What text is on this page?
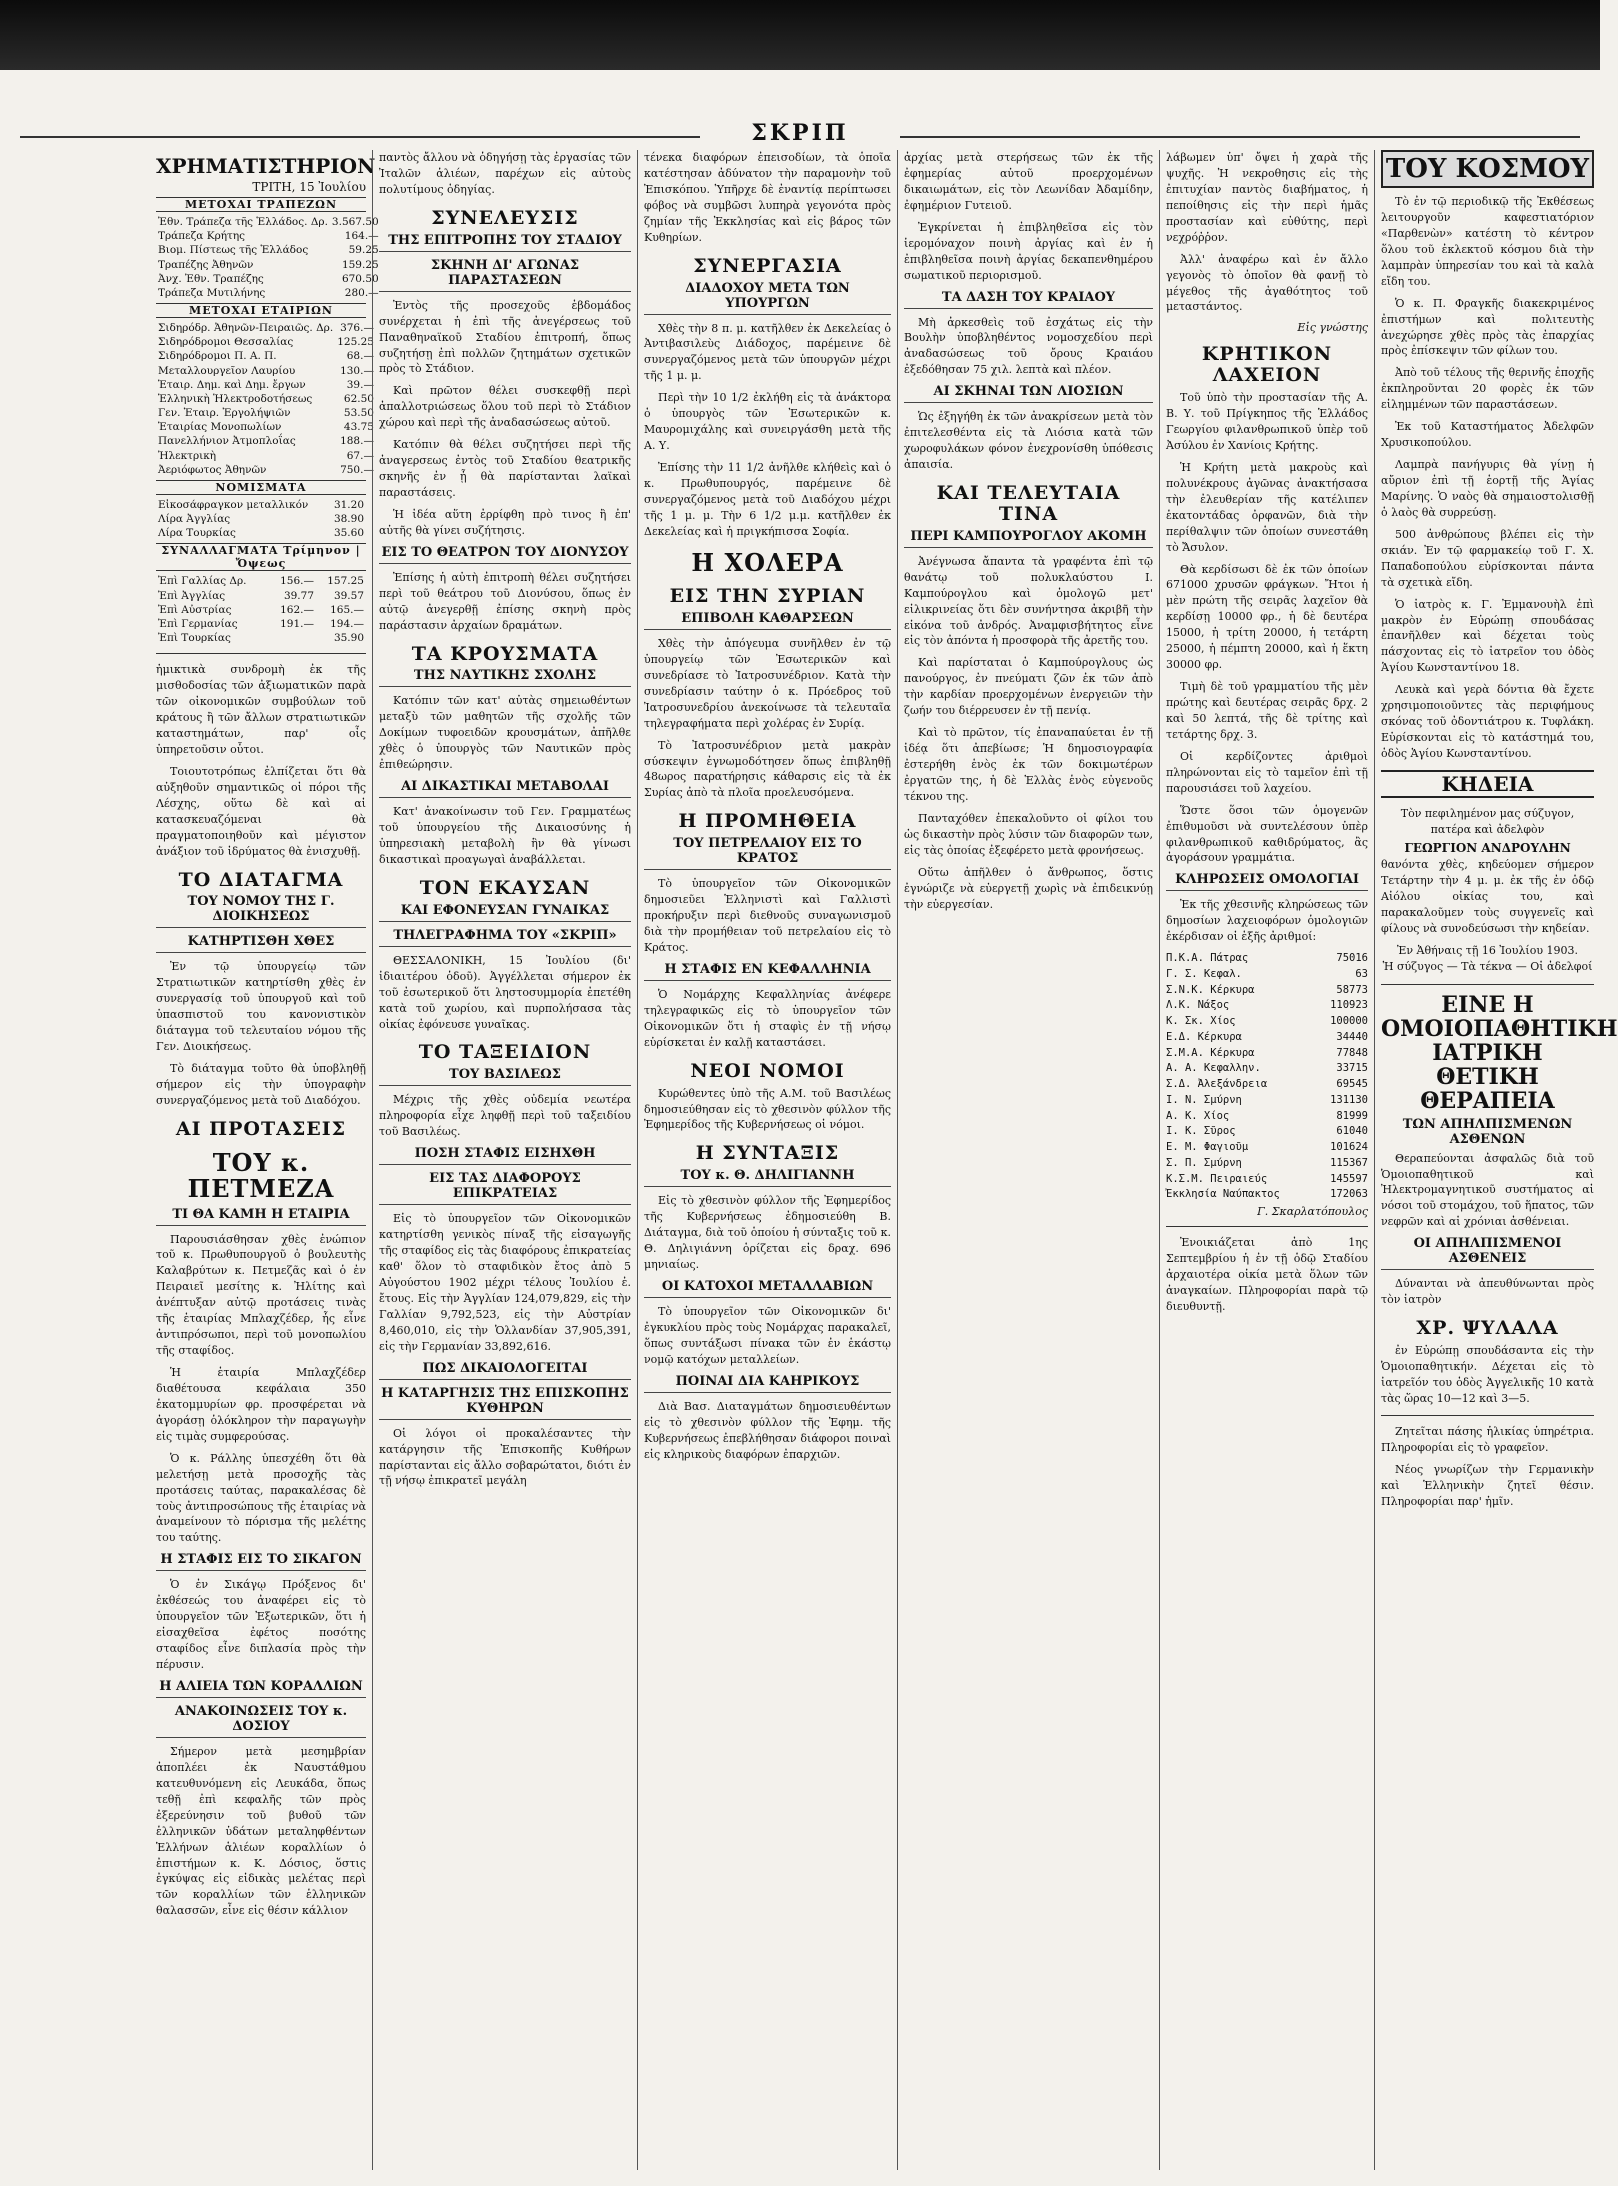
ΣΚΡΙΠ
ΧΡΗΜΑΤΙΣΤΗΡΙΟΝ
ΤΡΙΤΗ, 15 Ἰουλίου
ΜΕΤΟΧΑΙ ΤΡΑΠΕΖΩΝ
Ἐθν. Τράπεζα τῆς Ἑλλάδος. Δρ.	3.567.50
Τράπεζα Κρήτης	164.—
Βιομ. Πίστεως τῆς Ἑλλάδος	59.25
Τραπέζης Ἀθηνῶν	159.25
Ἀνχ. Ἐθν. Τραπέζης	670.50
Τράπεζα Μυτιλήνης	280.—
ΜΕΤΟΧΑΙ ΕΤΑΙΡΙΩΝ
Σιδηρόδρ. Ἀθηνῶν-Πειραιῶς. Δρ.	376.—
Σιδηρόδρομοι Θεσσαλίας	125.25
Σιδηρόδρομοι Π. Α. Π.	68.—
Μεταλλουργεῖον Λαυρίου	130.—
Ἑταιρ. Δημ. καὶ Δημ. ἔργων	39.—
Ἑλληνικὴ Ἡλεκτροδοτήσεως	62.50
Γεν. Ἑταιρ. Ἐργολήψιῶν	53.50
Ἑταιρίας Μονοπωλίων	43.75
Πανελλήνιον Ἀτμοπλοΐας	188.—
Ἠλεκτρικὴ	67.—
Ἀεριόφωτος Ἀθηνῶν	750.—
ΝΟΜΙΣΜΑΤΑ
Εἰκοσάφραγκον μεταλλικόν	31.20
Λίρα Ἀγγλίας	38.90
Λίρα Τουρκίας	35.60
ΣΥΝΑΛΛΑΓΜΑΤΑ Τρίμηνον | Ὄψεως
Ἐπὶ Γαλλίας Δρ.	156.—	157.25
Ἐπὶ Ἀγγλίας	39.77	39.57
Ἐπὶ Αὐστρίας	162.—	165.—
Ἐπὶ Γερμανίας	191.—	194.—
Ἐπὶ Τουρκίας		35.90

ἡμικτικὰ συνδρομὴ ἐκ τῆς μισθοδοσίας τῶν ἀξιωματικῶν παρὰ τῶν οἰκονομικῶν συμβούλων τοῦ κράτους ἢ τῶν ἄλλων στρατιωτικῶν καταστημάτων, παρ' οἷς ὑπηρετοῦσιν οὗτοι.

Τοιουτοτρόπως ἐλπίζεται ὅτι θὰ αὐξηθοῦν σημαντικῶς οἱ πόροι τῆς Λέσχης, οὕτω δὲ καὶ αἱ κατασκευαζόμεναι θὰ πραγματοποιηθοῦν καὶ μέγιστον ἀνάξιον τοῦ ἱδρύματος θὰ ἐνισχυθῇ.

ΤΟ ΔΙΑΤΑΓΜΑ
ΤΟΥ ΝΟΜΟΥ ΤΗΣ Γ. ΔΙΟΙΚΗΣΕΩΣ
ΚΑΤΗΡΤΙΣΘΗ ΧΘΕΣ

Ἐν τῷ ὑπουργείῳ τῶν Στρατιωτικῶν κατηρτίσθη χθὲς ἐν συνεργασίᾳ τοῦ ὑπουργοῦ καὶ τοῦ ὑπασπιστοῦ του κανονιστικὸν διάταγμα τοῦ τελευταίου νόμου τῆς Γεν. Διοικήσεως.

Τὸ διάταγμα τοῦτο θὰ ὑποβληθῇ σήμερον εἰς τὴν ὑπογραφὴν συνεργαζόμενος μετὰ τοῦ Διαδόχου.

ΑΙ ΠΡΟΤΑΣΕΙΣ
ΤΟΥ κ. ΠΕΤΜΕΖΑ
ΤΙ ΘΑ ΚΑΜΗ Η ΕΤΑΙΡΙΑ

Παρουσιάσθησαν χθὲς ἐνώπιον τοῦ κ. Πρωθυπουργοῦ ὁ βουλευτὴς Καλαβρύτων κ. Πετμεζᾶς καὶ ὁ ἐν Πειραιεῖ μεσίτης κ. Ἠλίτης καὶ ἀνέπτυξαν αὐτῷ προτάσεις τινὰς τῆς ἑταιρίας Μπλαχζέδερ, ἧς εἶνε ἀντιπρόσωποι, περὶ τοῦ μονοπωλίου τῆς σταφίδος.

Ἡ ἑταιρία Μπλαχζέδερ διαθέτουσα κεφάλαια 350 ἑκατομμυρίων φρ. προσφέρεται νὰ ἀγοράσῃ ὁλόκληρον τὴν παραγωγὴν εἰς τιμὰς συμφερούσας.

Ὁ κ. Ράλλης ὑπεσχέθη ὅτι θὰ μελετήσῃ μετὰ προσοχῆς τὰς προτάσεις ταύτας, παρακαλέσας δὲ τοὺς ἀντιπροσώπους τῆς ἑταιρίας νὰ ἀναμείνουν τὸ πόρισμα τῆς μελέτης του ταύτης.

Η ΣΤΑΦΙΣ ΕΙΣ ΤΟ ΣΙΚΑΓΟΝ

Ὁ ἐν Σικάγῳ Πρόξενος δι' ἐκθέσεώς του ἀναφέρει εἰς τὸ ὑπουργεῖον τῶν Ἐξωτερικῶν, ὅτι ἡ εἰσαχθεῖσα ἐφέτος ποσότης σταφίδος εἶνε διπλασία πρὸς τὴν πέρυσιν.

Η ΑΛΙΕΙΑ ΤΩΝ ΚΟΡΑΛΛΙΩΝ
ΑΝΑΚΟΙΝΩΣΕΙΣ ΤΟΥ κ. ΔΟΣΙΟΥ

Σήμερον μετὰ μεσημβρίαν ἀποπλέει ἐκ Ναυστάθμου κατευθυνόμενη εἰς Λευκάδα, ὅπως τεθῇ ἐπὶ κεφαλῆς τῶν πρὸς ἐξερεύνησιν τοῦ βυθοῦ τῶν ἑλληνικῶν ὑδάτων μεταληφθέντων Ἑλλήνων ἁλιέων κοραλλίων ὁ ἐπιστήμων κ. Κ. Δόσιος, ὅστις ἐγκύψας εἰς εἰδικὰς μελέτας περὶ τῶν κοραλλίων τῶν ἑλληνικῶν θαλασσῶν, εἶνε εἰς θέσιν κάλλιον

παντὸς ἄλλου νὰ ὁδηγήσῃ τὰς ἐργασίας τῶν Ἰταλῶν ἁλιέων, παρέχων εἰς αὐτοὺς πολυτίμους ὁδηγίας.

ΣΥΝΕΛΕΥΣΙΣ
ΤΗΣ ΕΠΙΤΡΟΠΗΣ ΤΟΥ ΣΤΑΔΙΟΥ
ΣΚΗΝΗ ΔΙ' ΑΓΩΝΑΣ ΠΑΡΑΣΤΑΣΕΩΝ

Ἐντὸς τῆς προσεχοῦς ἑβδομάδος συνέρχεται ἡ ἐπὶ τῆς ἀνεγέρσεως τοῦ Παναθηναϊκοῦ Σταδίου ἐπιτροπή, ὅπως συζητήσῃ ἐπὶ πολλῶν ζητημάτων σχετικῶν πρὸς τὸ Στάδιον.

Καὶ πρῶτον θέλει συσκεφθῇ περὶ ἀπαλλοτριώσεως ὅλου τοῦ περὶ τὸ Στάδιον χώρου καὶ περὶ τῆς ἀναδασώσεως αὐτοῦ.

Κατόπιν θὰ θέλει συζητήσει περὶ τῆς ἀναγερσεως ἐντὸς τοῦ Σταδίου θεατρικῆς σκηνῆς ἐν ᾗ θὰ παρίστανται λαϊκαὶ παραστάσεις.

Ἡ ἰδέα αὕτη ἐρρίφθη πρὸ τινος ἢ ἐπ' αὐτῆς θὰ γίνει συζήτησις.

ΕΙΣ ΤΟ ΘΕΑΤΡΟΝ ΤΟΥ ΔΙΟΝΥΣΟΥ

Ἐπίσης ἡ αὐτὴ ἐπιτροπὴ θέλει συζητήσει περὶ τοῦ θεάτρου τοῦ Διονύσου, ὅπως ἐν αὐτῷ ἀνεγερθῇ ἐπίσης σκηνὴ πρὸς παράστασιν ἀρχαίων δραμάτων.

ΤΑ ΚΡΟΥΣΜΑΤΑ
ΤΗΣ ΝΑΥΤΙΚΗΣ ΣΧΟΛΗΣ

Κατόπιν τῶν κατ' αὐτὰς σημειωθέντων μεταξὺ τῶν μαθητῶν τῆς σχολῆς τῶν Δοκίμων τυφοειδῶν κρουσμάτων, ἀπῆλθε χθὲς ὁ ὑπουργὸς τῶν Ναυτικῶν πρὸς ἐπιθεώρησιν.

ΑΙ ΔΙΚΑΣΤΙΚΑΙ ΜΕΤΑΒΟΛΑΙ

Κατ' ἀνακοίνωσιν τοῦ Γεν. Γραμματέως τοῦ ὑπουργείου τῆς Δικαιοσύνης ἡ ὑπηρεσιακὴ μεταβολὴ ἣν θὰ γίνωσι δικαστικαὶ προαγωγαὶ ἀναβάλλεται.

ΤΟΝ ΕΚΑΥΣΑΝ
ΚΑΙ ΕΦΟΝΕΥΣΑΝ ΓΥΝΑΙΚΑΣ
ΤΗΛΕΓΡΑΦΗΜΑ ΤΟΥ «ΣΚΡΙΠ»

ΘΕΣΣΑΛΟΝΙΚΗ, 15 Ἰουλίου (δι' ἰδιαιτέρου ὁδοῦ). Ἀγγέλλεται σήμερον ἐκ τοῦ ἐσωτερικοῦ ὅτι ληστοσυμμορία ἐπετέθη κατὰ τοῦ χωρίου, καὶ πυρπολήσασα τὰς οἰκίας ἐφόνευσε γυναῖκας.

ΤΟ ΤΑΞΕΙΔΙΟΝ
ΤΟΥ ΒΑΣΙΛΕΩΣ

Μέχρις τῆς χθὲς οὐδεμία νεωτέρα πληροφορία εἶχε ληφθῇ περὶ τοῦ ταξειδίου τοῦ Βασιλέως.

ΠΟΣΗ ΣΤΑΦΙΣ ΕΙΣΗΧΘΗ
ΕΙΣ ΤΑΣ ΔΙΑΦΟΡΟΥΣ ΕΠΙΚΡΑΤΕΙΑΣ

Εἰς τὸ ὑπουργεῖον τῶν Οἰκονομικῶν κατηρτίσθη γενικὸς πίναξ τῆς εἰσαγωγῆς τῆς σταφίδος εἰς τὰς διαφόρους ἐπικρατείας καθ' ὅλον τὸ σταφιδικὸν ἔτος ἀπὸ 5 Αὐγούστου 1902 μέχρι τέλους Ἰουλίου ἐ. ἔτους. Εἰς τὴν Ἀγγλίαν 124,079,829, εἰς τὴν Γαλλίαν 9,792,523, εἰς τὴν Αὐστρίαν 8,460,010, εἰς τὴν Ὁλλανδίαν 37,905,391, εἰς τὴν Γερμανίαν 33,892,616.

ΠΩΣ ΔΙΚΑΙΟΛΟΓΕΙΤΑΙ
Η ΚΑΤΑΡΓΗΣΙΣ ΤΗΣ ΕΠΙΣΚΟΠΗΣ ΚΥΘΗΡΩΝ

Οἱ λόγοι οἱ προκαλέσαντες τὴν κατάργησιν τῆς Ἐπισκοπῆς Κυθήρων παρίστανται εἰς ἄλλο σοβαρώτατοι, διότι ἐν τῇ νήσῳ ἐπικρατεῖ μεγάλη

τένεκα διαφόρων ἐπεισοδίων, τὰ ὁποῖα κατέστησαν ἀδύνατον τὴν παραμονὴν τοῦ Ἐπισκόπου. Ὑπῆρχε δὲ ἐναντίᾳ περίπτωσει φόβος νὰ συμβῶσι λυπηρὰ γεγονότα πρὸς ζημίαν τῆς Ἐκκλησίας καὶ εἰς βάρος τῶν Κυθηρίων.

ΣΥΝΕΡΓΑΣΙΑ
ΔΙΑΔΟΧΟΥ ΜΕΤΑ ΤΩΝ ΥΠΟΥΡΓΩΝ

Χθὲς τὴν 8 π. μ. κατῆλθεν ἐκ Δεκελείας ὁ Ἀντιβασιλεὺς Διάδοχος, παρέμεινε δὲ συνεργαζόμενος μετὰ τῶν ὑπουργῶν μέχρι τῆς 1 μ. μ.

Περὶ τὴν 10 1/2 ἐκλήθη εἰς τὰ ἀνάκτορα ὁ ὑπουργὸς τῶν Ἐσωτερικῶν κ. Μαυρομιχάλης καὶ συνειργάσθη μετὰ τῆς Α. Υ.

Ἐπίσης τὴν 11 1/2 ἀνῆλθε κλήθεὶς καὶ ὁ κ. Πρωθυπουργός, παρέμεινε δὲ συνεργαζόμενος μετὰ τοῦ Διαδόχου μέχρι τῆς 1 μ. μ. Τὴν 6 1/2 μ.μ. κατῆλθεν ἐκ Δεκελείας καὶ ἡ πριγκήπισσα Σοφία.

Η ΧΟΛΕΡΑ
ΕΙΣ ΤΗΝ ΣΥΡΙΑΝ
ΕΠΙΒΟΛΗ ΚΑΘΑΡΣΕΩΝ

Χθὲς τὴν ἀπόγευμα συνῆλθεν ἐν τῷ ὑπουργείῳ τῶν Ἐσωτερικῶν καὶ συνεδρίασε τὸ Ἰατροσυνέδριον. Κατὰ τὴν συνεδρίασιν ταύτην ὁ κ. Πρόεδρος τοῦ Ἰατροσυνεδρίου ἀνεκοίνωσε τὰ τελευταῖα τηλεγραφήματα περὶ χολέρας ἐν Συρίᾳ.

Τὸ Ἰατροσυνέδριον μετὰ μακρὰν σύσκεψιν ἐγνωμοδότησεν ὅπως ἐπιβληθῇ 48ωρος παρατήρησις κάθαρσις εἰς τὰ ἐκ Συρίας ἀπὸ τὰ πλοῖα προελευσόμενα.

Η ΠΡΟΜΗΘΕΙΑ
ΤΟΥ ΠΕΤΡΕΛΑΙΟΥ ΕΙΣ ΤΟ ΚΡΑΤΟΣ

Τὸ ὑπουργεῖον τῶν Οἰκονομικῶν δημοσιεῦει Ἑλληνιστὶ καὶ Γαλλιστὶ προκήρυξιν περὶ διεθνοῦς συναγωνισμοῦ διὰ τὴν προμήθειαν τοῦ πετρελαίου εἰς τὸ Κράτος.

Η ΣΤΑΦΙΣ ΕΝ ΚΕΦΑΛΛΗΝΙΑ

Ὁ Νομάρχης Κεφαλληνίας ἀνέφερε τηλεγραφικῶς εἰς τὸ ὑπουργεῖον τῶν Οἰκονομικῶν ὅτι ἡ σταφὶς ἐν τῇ νήσῳ εὑρίσκεται ἐν καλῇ καταστάσει.

ΝΕΟΙ ΝΟΜΟΙ

Κυρώθεντες ὑπὸ τῆς Α.Μ. τοῦ Βασιλέως δημοσιεύθησαν εἰς τὸ χθεσινὸν φύλλον τῆς Ἐφημερίδος τῆς Κυβερνήσεως οἱ νόμοι.

Η ΣΥΝΤΑΞΙΣ
ΤΟΥ κ. Θ. ΔΗΛΙΓΙΑΝΝΗ

Εἰς τὸ χθεσινὸν φύλλον τῆς Ἐφημερίδος τῆς Κυβερνήσεως ἐδημοσιεύθη Β. Διάταγμα, διὰ τοῦ ὁποίου ἡ σύνταξις τοῦ κ. Θ. Δηλιγιάννη ὁρίζεται εἰς δραχ. 696 μηνιαίως.

ΟΙ ΚΑΤΟΧΟΙ ΜΕΤΑΛΛΑΒΙΩΝ

Τὸ ὑπουργεῖον τῶν Οἰκονομικῶν δι' ἐγκυκλίου πρὸς τοὺς Νομάρχας παρακαλεῖ, ὅπως συντάξωσι πίνακα τῶν ἐν ἑκάστῳ νομῷ κατόχων μεταλλείων.

ΠΟΙΝΑΙ ΔΙΑ ΚΑΗΡΙΚΟΥΣ

Διὰ Βασ. Διαταγμάτων δημοσιευθέντων εἰς τὸ χθεσινὸν φύλλον τῆς Ἐφημ. τῆς Κυβερνήσεως ἐπεβλήθησαν διάφοροι ποιναὶ εἰς κληρικοὺς διαφόρων ἐπαρχιῶν.

ἀρχίας μετὰ στερήσεως τῶν ἐκ τῆς ἐφημερίας αὐτοῦ προερχομένων δικαιωμάτων, εἰς τὸν Λεωνίδαν Ἀδαμίδην, ἐφημέριον Γυτειοῦ.

Ἐγκρίνεται ἡ ἐπιβληθεῖσα εἰς τὸν ἱερομόναχον ποινὴ ἀργίας καὶ ἐν ἡ ἐπιβληθεῖσα ποινὴ ἀργίας δεκαπενθημέρου σωματικοῦ περιορισμοῦ.

ΤΑ ΔΑΣΗ ΤΟΥ ΚΡΑΙΑΟΥ

Μὴ ἀρκεσθεὶς τοῦ ἐσχάτως εἰς τὴν Βουλὴν ὑποβληθέντος νομοσχεδίου περὶ ἀναδασώσεως τοῦ ὄρους Κραιάου ἐξεδόθησαν 75 χιλ. λεπτὰ καὶ πλέον.

ΑΙ ΣΚΗΝΑΙ ΤΩΝ ΛΙΟΣΙΩΝ

Ὡς ἐξηγήθη ἐκ τῶν ἀνακρίσεων μετὰ τὸν ἐπιτελεσθέντα εἰς τὰ Λιόσια κατὰ τῶν χωροφυλάκων φόνον ἐνεχρονίσθη ὑπόθεσις ἀπαισία.

ΚΑΙ ΤΕΛΕΥΤΑΙΑ ΤΙΝΑ
ΠΕΡΙ ΚΑΜΠΟΥΡΟΓΛΟΥ ΑΚΟΜΗ

Ἀνέγνωσα ἄπαντα τὰ γραφέντα ἐπὶ τῷ θανάτῳ τοῦ πολυκλαύστου Ι. Καμπούρογλου καὶ ὁμολογῶ μετ' εἰλικρινείας ὅτι δὲν συνήντησα ἀκριβῆ τὴν εἰκόνα τοῦ ἀνδρός. Ἀναμφισβήτητος εἶνε εἰς τὸν ἀπόντα ἡ προσφορὰ τῆς ἀρετῆς του.

Καὶ παρίσταται ὁ Καμπούρογλους ὡς πανούργος, ἐν πνεύματι ζῶν ἐκ τῶν ἀπὸ τὴν καρδίαν προερχομένων ἐνεργειῶν τὴν ζωήν του διέρρευσεν ἐν τῇ πενίᾳ.

Καὶ τὸ πρῶτον, τίς ἐπαναπαύεται ἐν τῇ ἰδέᾳ ὅτι ἀπεβίωσε; Ἡ δημοσιογραφία ἐστερήθη ἑνὸς ἐκ τῶν δοκιμωτέρων ἐργατῶν της, ἡ δὲ Ἑλλὰς ἑνὸς εὐγενοῦς τέκνου της.

Πανταχόθεν ἐπεκαλοῦντο οἱ φίλοι του ὡς δικαστὴν πρὸς λύσιν τῶν διαφορῶν των, εἰς τὰς ὁποίας ἐξεφέρετο μετὰ φρονήσεως.

Οὕτω ἀπῆλθεν ὁ ἄνθρωπος, ὅστις ἐγνώριζε νὰ εὐεργετῇ χωρὶς νὰ ἐπιδεικνύῃ τὴν εὐεργεσίαν.

λάβωμεν ὑπ' ὄψει ἡ χαρὰ τῆς ψυχῆς. Ἡ νεκροθησις εἰς τὴς ἐπιτυχίαν παντὸς διαβήματος, ἡ πεποίθησις εἰς τὴν περὶ ἡμᾶς προστασίαν καὶ εὐθύτης, περὶ νεχρόῤῥον.

Ἀλλ' ἀναφέρω καὶ ἐν ἄλλο γεγονὸς τὸ ὁποῖον θὰ φανῇ τὸ μέγεθος τῆς ἀγαθότητος τοῦ μεταστάντος.

Εἰς γνώστης
ΚΡΗΤΙΚΟΝ ΛΑΧΕΙΟΝ

Τοῦ ὑπὸ τὴν προστασίαν τῆς Α. Β. Υ. τοῦ Πρίγκηπος τῆς Ἑλλάδος Γεωργίου φιλανθρωπικοῦ ὑπὲρ τοῦ Ἀσύλου ἐν Χανίοις Κρήτης.

Ἡ Κρήτη μετὰ μακροὺς καὶ πολυνέκρους ἀγῶνας ἀνακτήσασα τὴν ἐλευθερίαν τῆς κατέλιπεν ἑκατοντάδας ὀρφανῶν, διὰ τὴν περίθαλψιν τῶν ὁποίων συνεστάθη τὸ Ἄσυλον.

Θὰ κερδίσωσι δὲ ἐκ τῶν ὁποίων 671000 χρυσῶν φράγκων. Ἤτοι ἡ μὲν πρώτη τῆς σειρᾶς λαχεῖον θὰ κερδίσῃ 10000 φρ., ἡ δὲ δευτέρα 15000, ἡ τρίτη 20000, ἡ τετάρτη 25000, ἡ πέμπτη 20000, καὶ ἡ ἕκτη 30000 φρ.

Τιμὴ δὲ τοῦ γραμματίου τῆς μὲν πρώτης καὶ δευτέρας σειρᾶς δρχ. 2 καὶ 50 λεπτά, τῆς δὲ τρίτης καὶ τετάρτης δρχ. 3.

Οἱ κερδίζοντες ἀριθμοὶ πληρώνονται εἰς τὸ ταμεῖον ἐπὶ τῇ παρουσιάσει τοῦ λαχείου.

Ὥστε ὅσοι τῶν ὁμογενῶν ἐπιθυμοῦσι νὰ συντελέσουν ὑπὲρ φιλανθρωπικοῦ καθιδρύματος, ἂς ἀγοράσουν γραμμάτια.

ΚΛΗΡΩΣΕΙΣ ΟΜΟΛΟΓΙΑΙ

Ἐκ τῆς χθεσινῆς κληρώσεως τῶν δημοσίων λαχειοφόρων ὁμολογιῶν ἐκέρδισαν οἱ ἑξῆς ἀριθμοί:

Π.Κ.Α. Πάτρας	75016
Γ. Σ. Κεφαλ.	63
Σ.Ν.Κ. Κέρκυρα	58773
Λ.Κ. Νάξος	110923
Κ. Σκ. Χίος	100000
Ε.Δ. Κέρκυρα	34440
Σ.Μ.Α. Κέρκυρα	77848
Α. Α. Κεφαλλην.	33715
Σ.Δ. Ἀλεξάνδρεια	69545
Ι. Ν. Σμύρνη	131130
Α. Κ. Χίος	81999
Ι. Κ. Σῦρος	61040
Ε. Μ. Φαγιοῦμ	101624
Σ. Π. Σμύρνη	115367
Κ.Σ.Μ. Πειραιεύς	145597
Ἐκκλησία Ναύπακτος	172063
Γ. Σκαρλατόπουλος

Ἐνοικιάζεται ἀπὸ 1ης Σεπτεμβρίου ἡ ἐν τῇ ὁδῷ Σταδίου ἀρχαιοτέρα οἰκία μετὰ ὅλων τῶν ἀναγκαίων. Πληροφορίαι παρὰ τῷ διευθυντῇ.

ΤΟΥ ΚΟΣΜΟΥ

Τὸ ἐν τῷ περιοδικῷ τῆς Ἐκθέσεως λειτουργοῦν καφεστιατόριον «Παρθενὼν» κατέστη τὸ κέντρον ὅλου τοῦ ἐκλεκτοῦ κόσμου διὰ τὴν λαμπρὰν ὑπηρεσίαν του καὶ τὰ καλὰ εἴδη του.

Ὁ κ. Π. Φραγκῆς διακεκριμένος ἐπιστήμων καὶ πολιτευτὴς ἀνεχώρησε χθὲς πρὸς τὰς ἐπαρχίας πρὸς ἐπίσκεψιν τῶν φίλων του.

Ἀπὸ τοῦ τέλους τῆς θερινῆς ἐποχῆς ἐκπληροῦνται 20 φορὲς ἐκ τῶν εἰλημμένων τῶν παραστάσεων.

Ἐκ τοῦ Καταστήματος Ἀδελφῶν Χρυσικοπούλου.

Λαμπρὰ πανήγυρις θὰ γίνῃ ἡ αὔριον ἐπὶ τῇ ἑορτῇ τῆς Ἁγίας Μαρίνης. Ὁ ναὸς θὰ σημαιοστολισθῇ ὁ λαὸς θὰ συρρεύσῃ.

500 ἀνθρώπους βλέπει εἰς τὴν σκιάν. Ἐν τῷ φαρμακείῳ τοῦ Γ. Χ. Παπαδοπούλου εὑρίσκονται πάντα τὰ σχετικὰ εἴδη.

Ὁ ἰατρὸς κ. Γ. Ἐμμανουὴλ ἐπὶ μακρὸν ἐν Εὐρώπῃ σπουδάσας ἐπανῆλθεν καὶ δέχεται τοὺς πάσχοντας εἰς τὸ ἰατρεῖον του ὁδὸς Ἁγίου Κωνσταντίνου 18.

Λευκὰ καὶ γερὰ δόντια θὰ ἔχετε χρησιμοποιοῦντες τὰς περιφήμους σκόνας τοῦ ὀδοντιάτρου κ. Τυφλάκη. Εὑρίσκονται εἰς τὸ κατάστημά του, ὁδὸς Ἁγίου Κωνσταντίνου.

ΚΗΔΕΙΑ
Τὸν πεφιλημένον μας σύζυγον, πατέρα καὶ ἀδελφὸν
ΓΕΩΡΓΙΟΝ ΑΝΔΡΟΥΛΗΝ
θανόντα χθὲς, κηδεύομεν σήμερον Τετάρτην τὴν 4 μ. μ. ἐκ τῆς ἐν ὁδῷ Αἰόλου οἰκίας του, καὶ παρακαλοῦμεν τοὺς συγγενεῖς καὶ φίλους νὰ συνοδεύσωσι τὴν κηδείαν.
Ἐν Ἀθήναις τῇ 16 Ἰουλίου 1903.
Ἡ σύζυγος — Τὰ τέκνα — Οἱ ἀδελφοί
ΕΙΝΕ Η ΟΜΟΙΟΠΑΘΗΤΙΚΗ ΙΑΤΡΙΚΗ ΘΕΤΙΚΗ ΘΕΡΑΠΕΙΑ
ΤΩΝ ΑΠΗΛΠΙΣΜΕΝΩΝ ΑΣΘΕΝΩΝ

Θεραπεύονται ἀσφαλῶς διὰ τοῦ Ὁμοιοπαθητικοῦ καὶ Ἠλεκτρομαγνητικοῦ συστήματος αἱ νόσοι τοῦ στομάχου, τοῦ ἥπατος, τῶν νεφρῶν καὶ αἱ χρόνιαι ἀσθένειαι.

ΟΙ ΑΠΗΛΠΙΣΜΕΝΟΙ ΑΣΘΕΝΕΙΣ

Δύνανται νὰ ἀπευθύνωνται πρὸς τὸν ἰατρὸν

ΧΡ. ΨΥΛΑΛΑ

ἐν Εὐρώπῃ σπουδάσαντα εἰς τὴν Ὁμοιοπαθητικήν. Δέχεται εἰς τὸ ἰατρεῖόν του ὁδὸς Ἀγγελικῆς 10 κατὰ τὰς ὥρας 10—12 καὶ 3—5.

Ζητεῖται πάσης ἡλικίας ὑπηρέτρια. Πληροφορίαι εἰς τὸ γραφεῖον.

Νέος γνωρίζων τὴν Γερμανικὴν καὶ Ἑλληνικὴν ζητεῖ θέσιν. Πληροφορίαι παρ' ἡμῖν.
